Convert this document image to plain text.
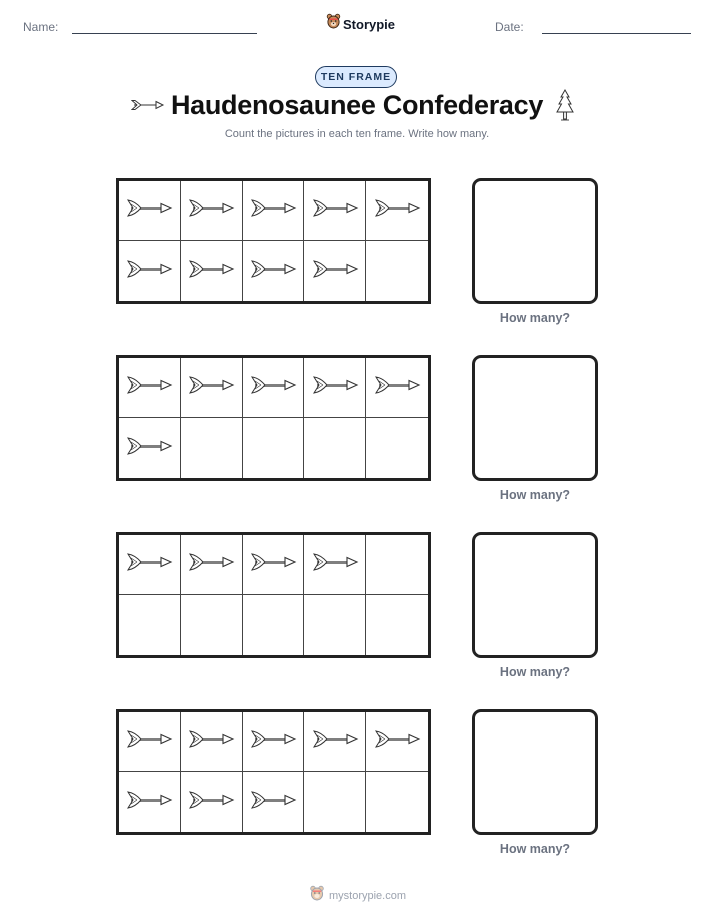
Name:	Storypie	Date:
TEN FRAME
Haudenosaunee Confederacy
Count the pictures in each ten frame. Write how many.
How many?
How many?
How many?
How many?
mystorypie.com
